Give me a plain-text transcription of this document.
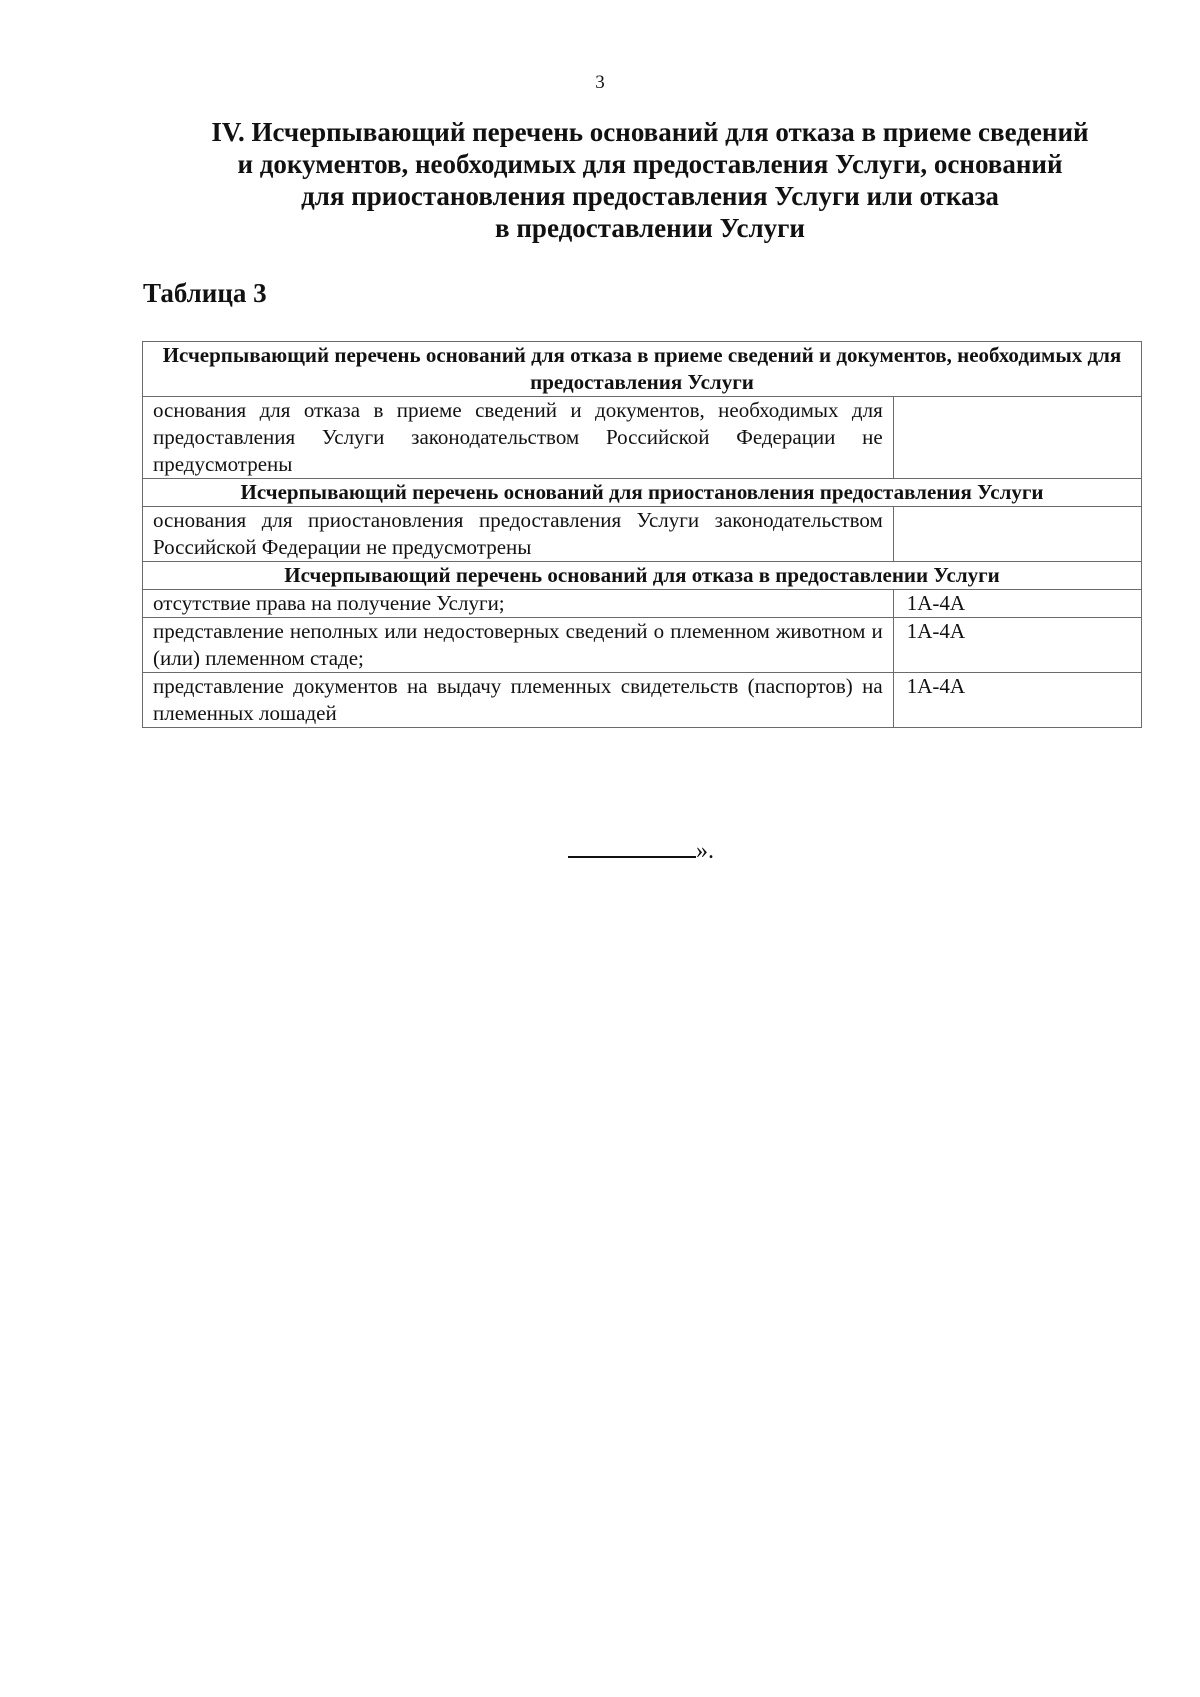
3
IV. Исчерпывающий перечень оснований для отказа в приеме сведений
и документов, необходимых для предоставления Услуги, оснований
для приостановления предоставления Услуги или отказа
в предоставлении Услуги
Таблица 3
Исчерпывающий перечень оснований для отказа в приеме сведений и документов, необходимых для предоставления Услуги	
основания для отказа в приеме сведений и документов, необходимых для предоставления Услуги законодательством Российской Федерации не предусмотрены	
Исчерпывающий перечень оснований для приостановления предоставления Услуги	
основания для приостановления предоставления Услуги законодательством Российской Федерации не предусмотрены	
Исчерпывающий перечень оснований для отказа в предоставлении Услуги	
отсутствие права на получение Услуги;	1А-4А
представление неполных или недостоверных сведений о племенном животном и (или) племенном стаде;	1А-4А
представление документов на выдачу племенных свидетельств (паспортов) на племенных лошадей	1А-4А
».
